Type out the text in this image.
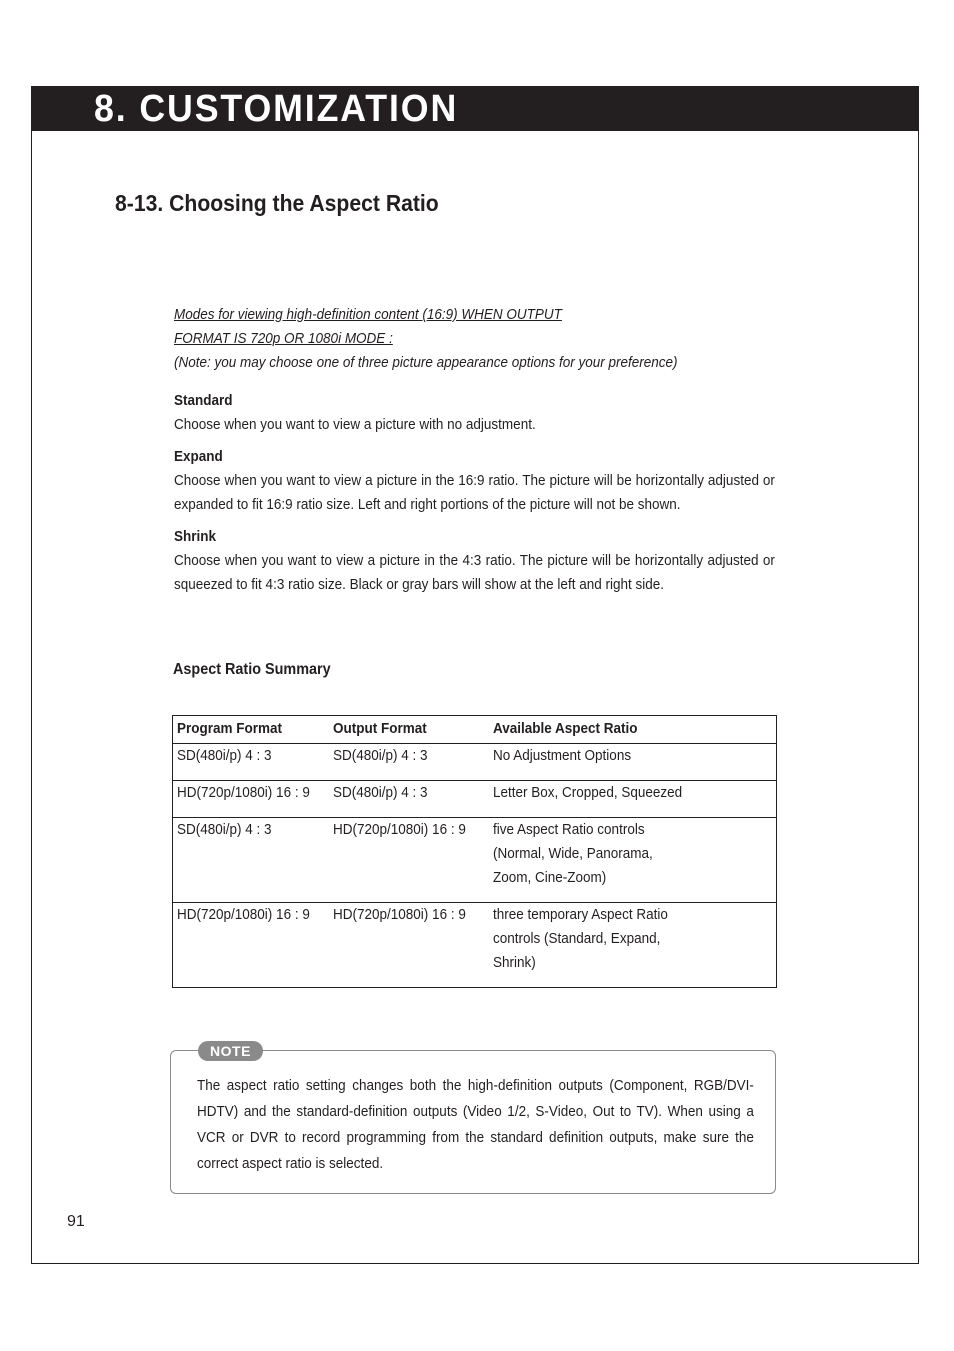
8. CUSTOMIZATION
8-13. Choosing the Aspect Ratio
Modes for viewing high-definition content (16:9) WHEN OUTPUT
FORMAT IS 720p OR 1080i MODE :
(Note: you may choose one of three picture appearance options for your preference)
Standard
Choose when you want to view a picture with no adjustment.
Expand
Choose when you want to view a picture in the 16:9 ratio. The picture will be horizontally adjusted or expanded to fit 16:9 ratio size. Left and right portions of the picture will not be shown.
Shrink
Choose when you want to view a picture in the 4:3 ratio. The picture will be horizontally adjusted or squeezed to fit 4:3 ratio size. Black or gray bars will show at the left and right side.
Aspect Ratio Summary
Program Format	Output Format	Available Aspect Ratio

SD(480i/p) 4 : 3	SD(480i/p) 4 : 3	No Adjustment Options

HD(720p/1080i) 16 : 9	SD(480i/p) 4 : 3	Letter Box, Cropped, Squeezed

SD(480i/p) 4 : 3	HD(720p/1080i) 16 : 9	five Aspect Ratio controls
(Normal, Wide, Panorama,
Zoom, Cine-Zoom)

HD(720p/1080i) 16 : 9	HD(720p/1080i) 16 : 9	three temporary Aspect Ratio
controls (Standard, Expand,
Shrink)
NOTE
The aspect ratio setting changes both the high-definition outputs (Component, RGB/DVI-HDTV) and the standard-definition outputs (Video 1/2, S-Video, Out to TV). When using a VCR or DVR to record programming from the standard definition outputs, make sure the correct aspect ratio is selected.
91
